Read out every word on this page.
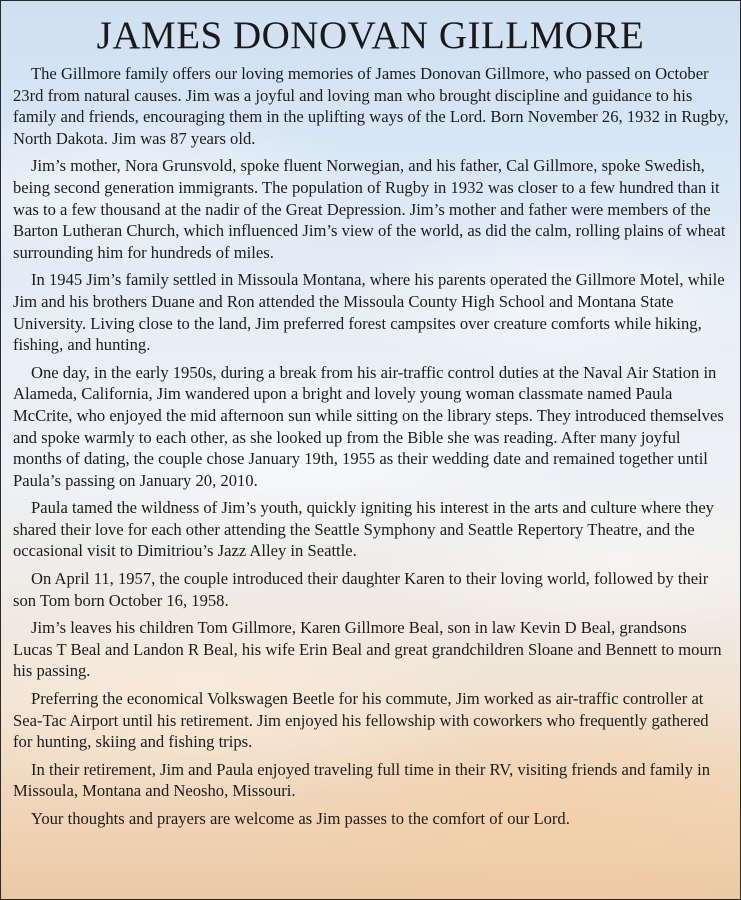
JAMES DONOVAN GILLMORE

The Gillmore family offers our loving memories of James Donovan Gillmore, who passed on October 23rd from natural causes. Jim was a joyful and loving man who brought discipline and guidance to his family and friends, encouraging them in the uplifting ways of the Lord. Born November 26, 1932 in Rugby, North Dakota. Jim was 87 years old.

Jim’s mother, Nora Grunsvold, spoke fluent Norwegian, and his father, Cal Gillmore, spoke Swedish, being second generation immigrants. The population of Rugby in 1932 was closer to a few hundred than it was to a few thousand at the nadir of the Great Depression. Jim’s mother and father were members of the Barton Lutheran Church, which influenced Jim’s view of the world, as did the calm, rolling plains of wheat surrounding him for hundreds of miles.

In 1945 Jim’s family settled in Missoula Montana, where his parents operated the Gillmore Motel, while Jim and his brothers Duane and Ron attended the Missoula County High School and Montana State University. Living close to the land, Jim preferred forest campsites over creature comforts while hiking, fishing, and hunting.

One day, in the early 1950s, during a break from his air-traffic control duties at the Naval Air Station in Alameda, California, Jim wandered upon a bright and lovely young woman classmate named Paula McCrite, who enjoyed the mid afternoon sun while sitting on the library steps. They introduced themselves and spoke warmly to each other, as she looked up from the Bible she was reading. After many joyful months of dating, the couple chose January 19th, 1955 as their wedding date and remained together until Paula’s passing on January 20, 2010.

Paula tamed the wildness of Jim’s youth, quickly igniting his interest in the arts and culture where they shared their love for each other attending the Seattle Symphony and Seattle Repertory Theatre, and the occasional visit to Dimitriou’s Jazz Alley in Seattle.

On April 11, 1957, the couple introduced their daughter Karen to their loving world, followed by their son Tom born October 16, 1958.

Jim’s leaves his children Tom Gillmore, Karen Gillmore Beal, son in law Kevin D Beal, grandsons Lucas T Beal and Landon R Beal, his wife Erin Beal and great grandchildren Sloane and Bennett to mourn his passing.

Preferring the economical Volkswagen Beetle for his commute, Jim worked as air-traffic controller at Sea-Tac Airport until his retirement. Jim enjoyed his fellowship with coworkers who frequently gathered for hunting, skiing and fishing trips.

In their retirement, Jim and Paula enjoyed traveling full time in their RV, visiting friends and family in Missoula, Montana and Neosho, Missouri.

Your thoughts and prayers are welcome as Jim passes to the comfort of our Lord.
